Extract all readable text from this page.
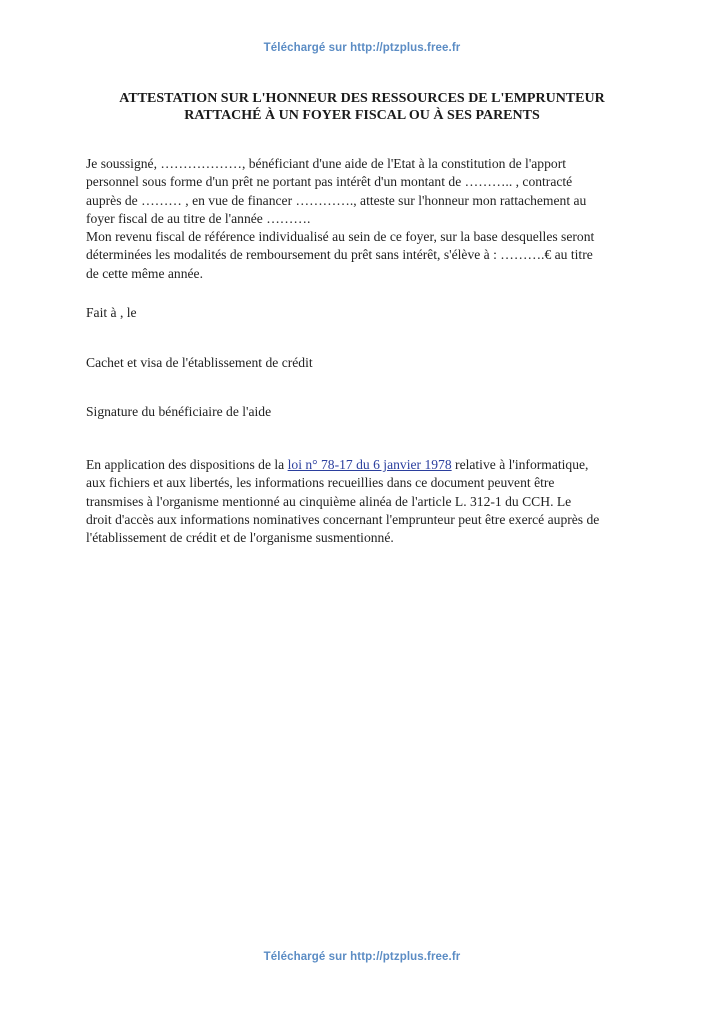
Téléchargé sur http://ptzplus.free.fr
ATTESTATION SUR L'HONNEUR DES RESSOURCES DE L'EMPRUNTEUR
RATTACHÉ À UN FOYER FISCAL OU À SES PARENTS
Je soussigné, ………………, bénéficiant d'une aide de l'Etat à la constitution de l'apport
personnel sous forme d'un prêt ne portant pas intérêt d'un montant de ……….. , contracté
auprès de ……… , en vue de financer …………., atteste sur l'honneur mon rattachement au
foyer fiscal de au titre de l'année ……….
Mon revenu fiscal de référence individualisé au sein de ce foyer, sur la base desquelles seront
déterminées les modalités de remboursement du prêt sans intérêt, s'élève à : ……….€ au titre
de cette même année.
Fait à , le
Cachet et visa de l'établissement de crédit
Signature du bénéficiaire de l'aide
En application des dispositions de la loi n° 78-17 du 6 janvier 1978 relative à l'informatique,
aux fichiers et aux libertés, les informations recueillies dans ce document peuvent être
transmises à l'organisme mentionné au cinquième alinéa de l'article L. 312-1 du CCH. Le
droit d'accès aux informations nominatives concernant l'emprunteur peut être exercé auprès de
l'établissement de crédit et de l'organisme susmentionné.
Téléchargé sur http://ptzplus.free.fr
